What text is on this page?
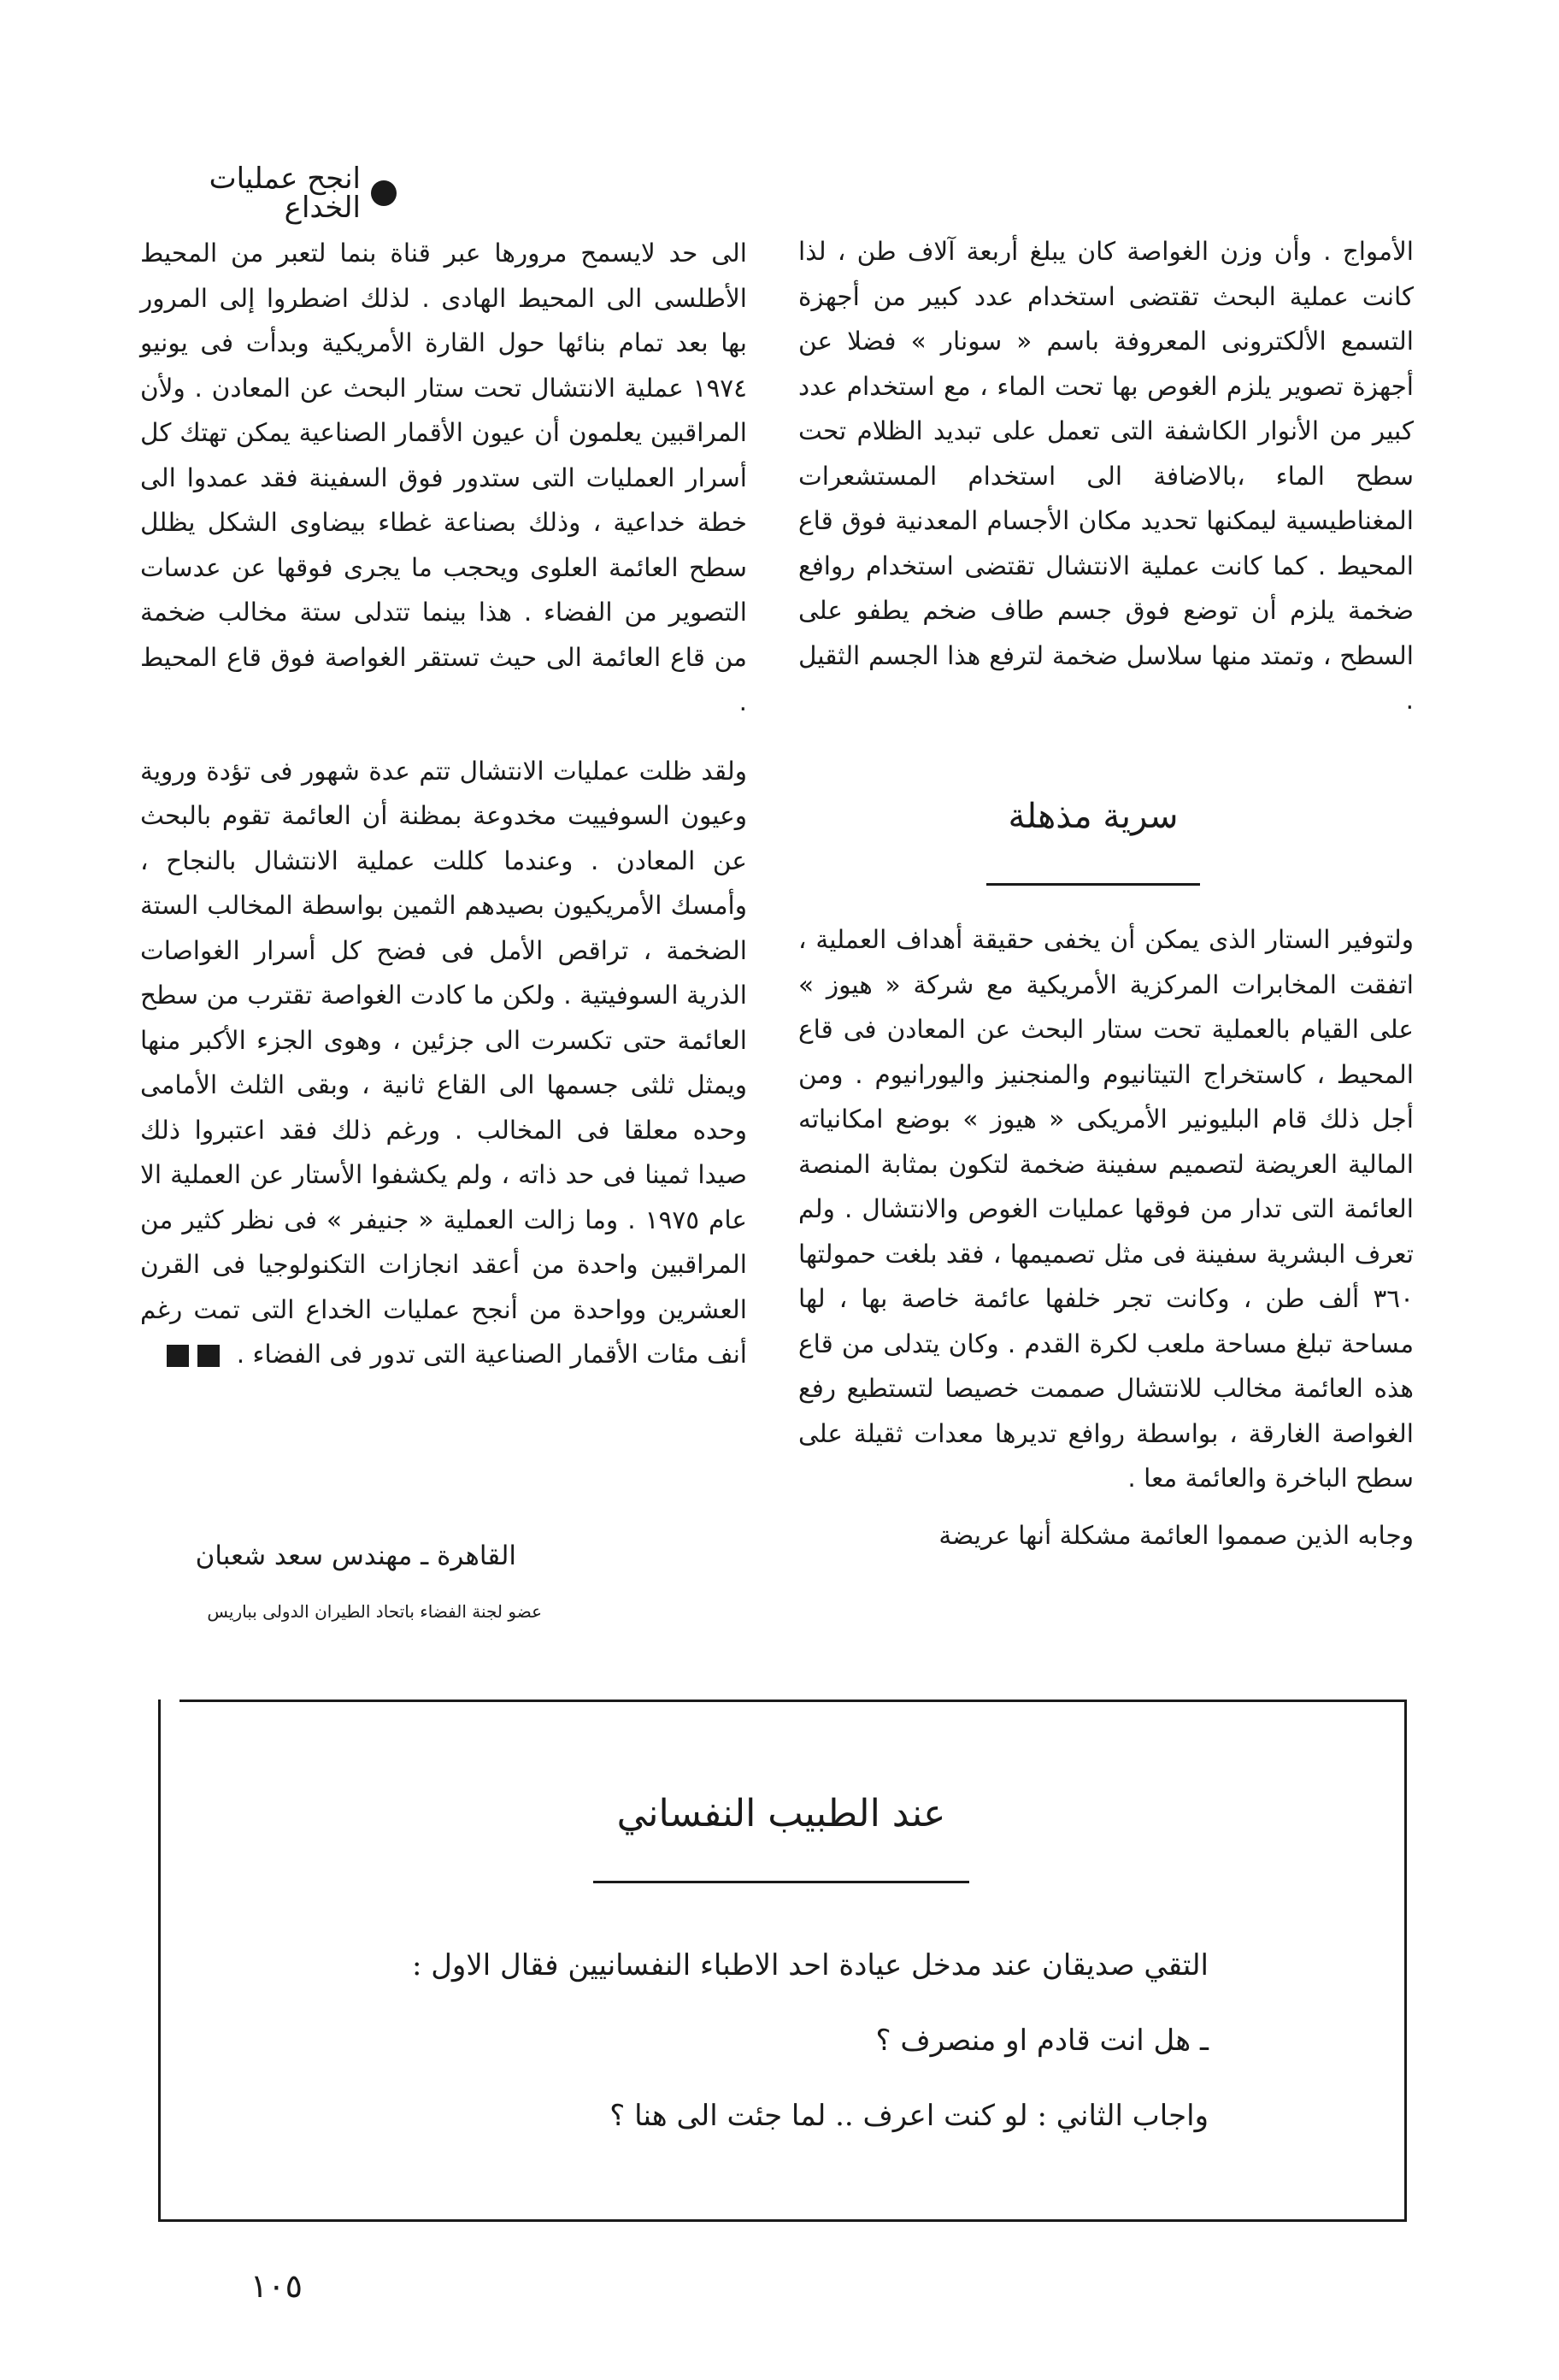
انجح عمليات الخداع

الأمواج . وأن وزن الغواصة كان يبلغ أربعة آلاف طن ، لذا كانت عملية البحث تقتضى استخدام عدد كبير من أجهزة التسمع الألكترونى المعروفة باسم « سونار » فضلا عن أجهزة تصوير يلزم الغوص بها تحت الماء ، مع استخدام عدد كبير من الأنوار الكاشفة التى تعمل على تبديد الظلام تحت سطح الماء ،بالاضافة الى استخدام المستشعرات المغناطيسية ليمكنها تحديد مكان الأجسام المعدنية فوق قاع المحيط . كما كانت عملية الانتشال تقتضى استخدام روافع ضخمة يلزم أن توضع فوق جسم طاف ضخم يطفو على السطح ، وتمتد منها سلاسل ضخمة لترفع هذا الجسم الثقيل .

سرية مذهلة

ولتوفير الستار الذى يمكن أن يخفى حقيقة أهداف العملية ، اتفقت المخابرات المركزية الأمريكية مع شركة « هيوز » على القيام بالعملية تحت ستار البحث عن المعادن فى قاع المحيط ، كاستخراج التيتانيوم والمنجنيز واليورانيوم . ومن أجل ذلك قام البليونير الأمريكى « هيوز » بوضع امكانياته المالية العريضة لتصميم سفينة ضخمة لتكون بمثابة المنصة العائمة التى تدار من فوقها عمليات الغوص والانتشال . ولم تعرف البشرية سفينة فى مثل تصميمها ، فقد بلغت حمولتها ٣٦٠ ألف طن ، وكانت تجر خلفها عائمة خاصة بها ، لها مساحة تبلغ مساحة ملعب لكرة القدم . وكان يتدلى من قاع هذه العائمة مخالب للانتشال صممت خصيصا لتستطيع رفع الغواصة الغارقة ، بواسطة روافع تديرها معدات ثقيلة على سطح الباخرة والعائمة معا .

وجابه الذين صمموا العائمة مشكلة أنها عريضة

الى حد لايسمح مرورها عبر قناة بنما لتعبر من المحيط الأطلسى الى المحيط الهادى . لذلك اضطروا إلى المرور بها بعد تمام بنائها حول القارة الأمريكية وبدأت فى يونيو ١٩٧٤ عملية الانتشال تحت ستار البحث عن المعادن . ولأن المراقبين يعلمون أن عيون الأقمار الصناعية يمكن تهتك كل أسرار العمليات التى ستدور فوق السفينة فقد عمدوا الى خطة خداعية ، وذلك بصناعة غطاء بيضاوى الشكل يظلل سطح العائمة العلوى ويحجب ما يجرى فوقها عن عدسات التصوير من الفضاء . هذا بينما تتدلى ستة مخالب ضخمة من قاع العائمة الى حيث تستقر الغواصة فوق قاع المحيط .

ولقد ظلت عمليات الانتشال تتم عدة شهور فى تؤدة وروية وعيون السوفييت مخدوعة بمظنة أن العائمة تقوم بالبحث عن المعادن . وعندما كللت عملية الانتشال بالنجاح ، وأمسك الأمريكيون بصيدهم الثمين بواسطة المخالب الستة الضخمة ، تراقص الأمل فى فضح كل أسرار الغواصات الذرية السوفيتية . ولكن ما كادت الغواصة تقترب من سطح العائمة حتى تكسرت الى جزئين ، وهوى الجزء الأكبر منها ويمثل ثلثى جسمها الى القاع ثانية ، وبقى الثلث الأمامى وحده معلقا فى المخالب . ورغم ذلك فقد اعتبروا ذلك صيدا ثمينا فى حد ذاته ، ولم يكشفوا الأستار عن العملية الا عام ١٩٧٥ . وما زالت العملية « جنيفر » فى نظر كثير من المراقبين واحدة من أعقد انجازات التكنولوجيا فى القرن العشرين وواحدة من أنجح عمليات الخداع التى تمت رغم أنف مئات الأقمار الصناعية التى تدور فى الفضاء .

القاهرة ـ مهندس سعد شعبان
عضو لجنة الفضاء باتحاد الطيران الدولى بباريس
عند الطبيب النفساني
التقي صديقان عند مدخل عيادة احد الاطباء النفسانيين فقال الاول :
ـ هل انت قادم او منصرف ؟
واجاب الثاني : لو كنت اعرف .. لما جئت الى هنا ؟
١٠٥
